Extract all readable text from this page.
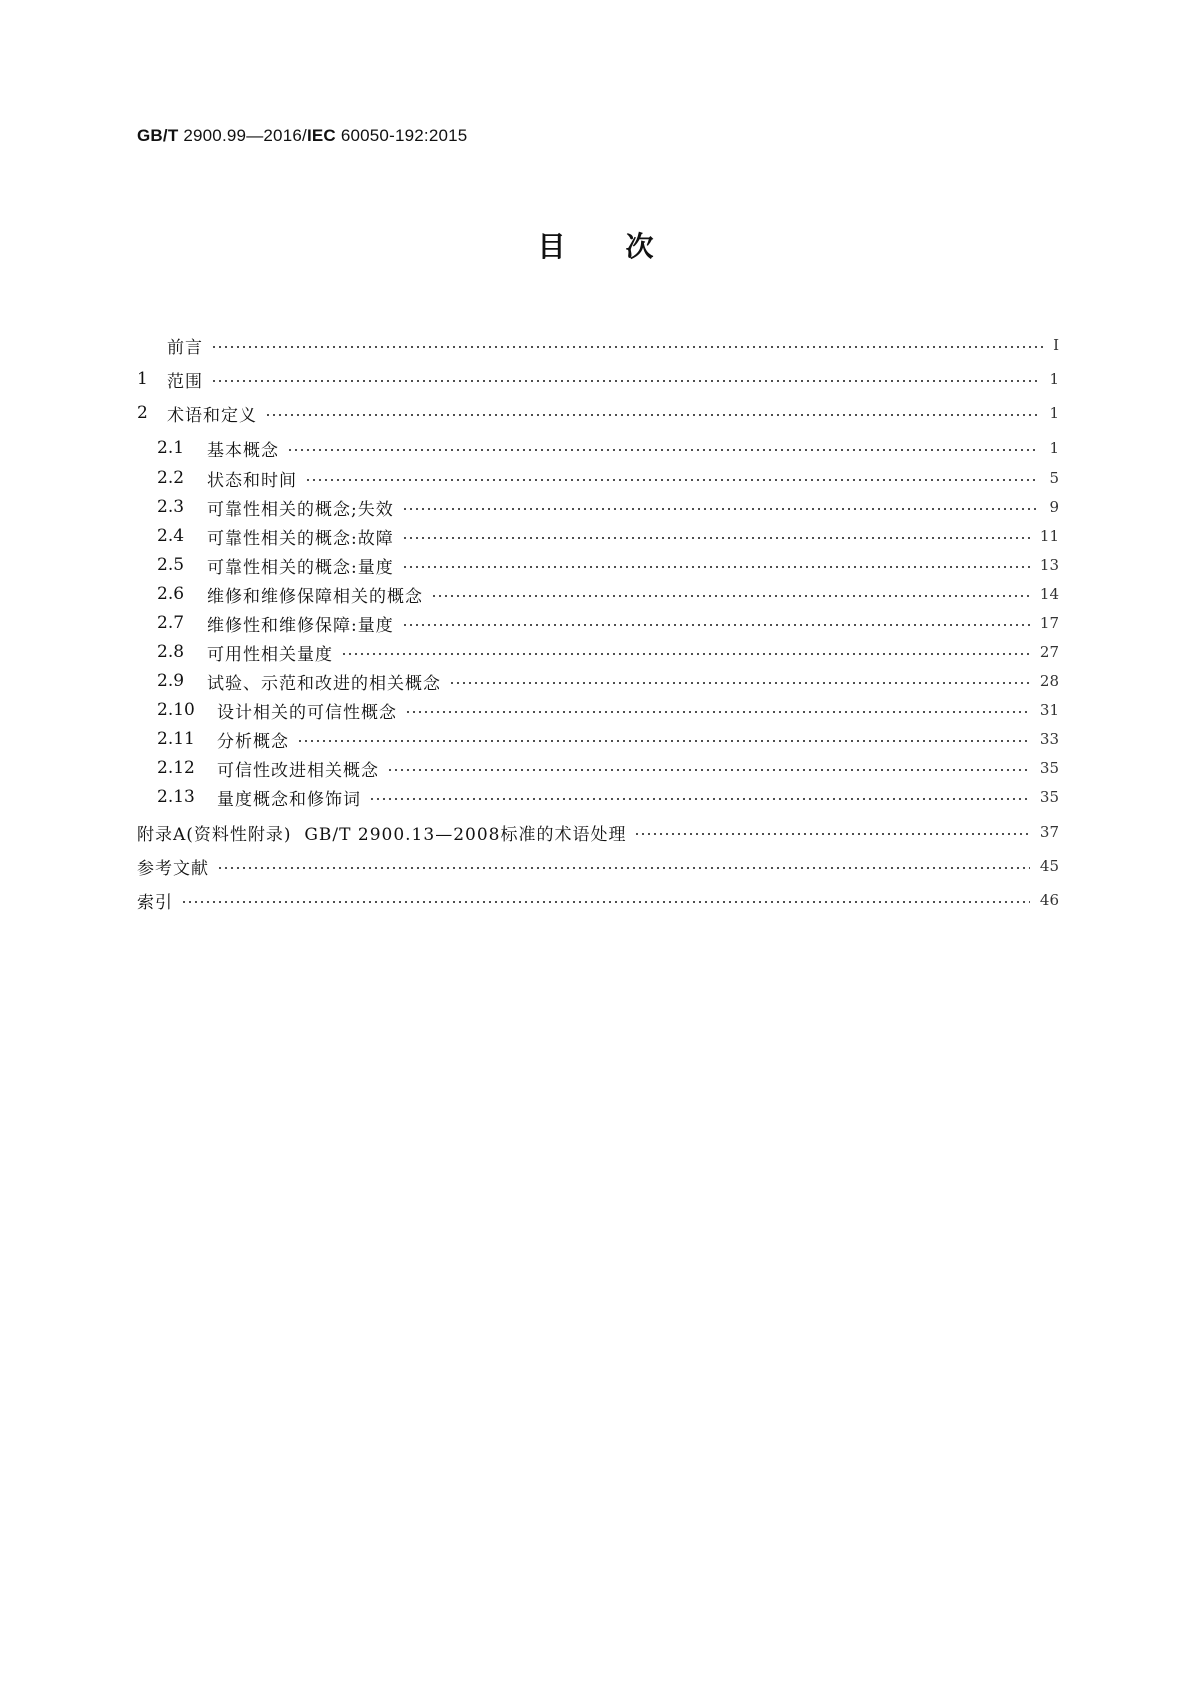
GB/T 2900.99—2016/IEC 60050-192:2015
目次
前言	Ⅰ
1	范围	1
2	术语和定义	1
2.1	基本概念	1
2.2	状态和时间	5
2.3	可靠性相关的概念;失效	9
2.4	可靠性相关的概念:故障	11
2.5	可靠性相关的概念:量度	13
2.6	维修和维修保障相关的概念	14
2.7	维修性和维修保障:量度	17
2.8	可用性相关量度	27
2.9	试验、示范和改进的相关概念	28
2.10	设计相关的可信性概念	31
2.11	分析概念	33
2.12	可信性改进相关概念	35
2.13	量度概念和修饰词	35
附录A(资料性附录)  GB/T 2900.13—2008标准的术语处理	37
参考文献	45
索引	46
